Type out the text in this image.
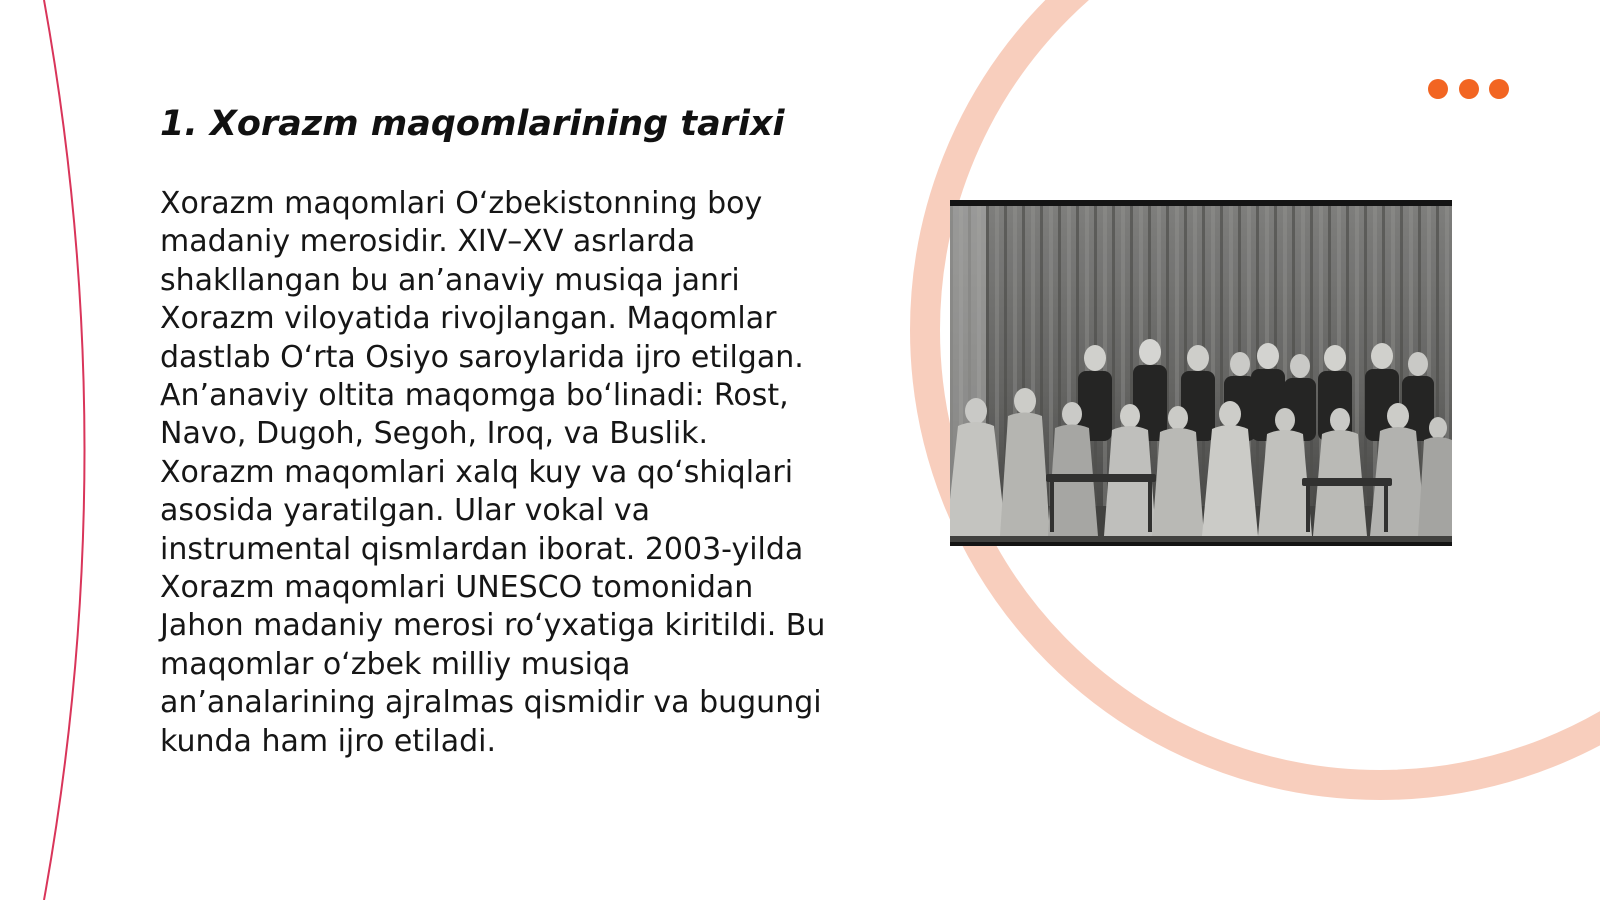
1. Xorazm maqomlarining tarixi

Xorazm maqomlari O‘zbekistonning boy madaniy merosidir. XIV–XV asrlarda shakllangan bu an’anaviy musiqa janri Xorazm viloyatida rivojlangan. Maqomlar dastlab O‘rta Osiyo saroylarida ijro etilgan. An’anaviy oltita maqomga bo‘linadi: Rost, Navo, Dugoh, Segoh, Iroq, va Buslik. Xorazm maqomlari xalq kuy va qo‘shiqlari asosida yaratilgan. Ular vokal va instrumental qismlardan iborat. 2003-yilda Xorazm maqomlari UNESCO tomonidan Jahon madaniy merosi ro‘yxatiga kiritildi. Bu maqomlar o‘zbek milliy musiqa an’analarining ajralmas qismidir va bugungi kunda ham ijro etiladi.
